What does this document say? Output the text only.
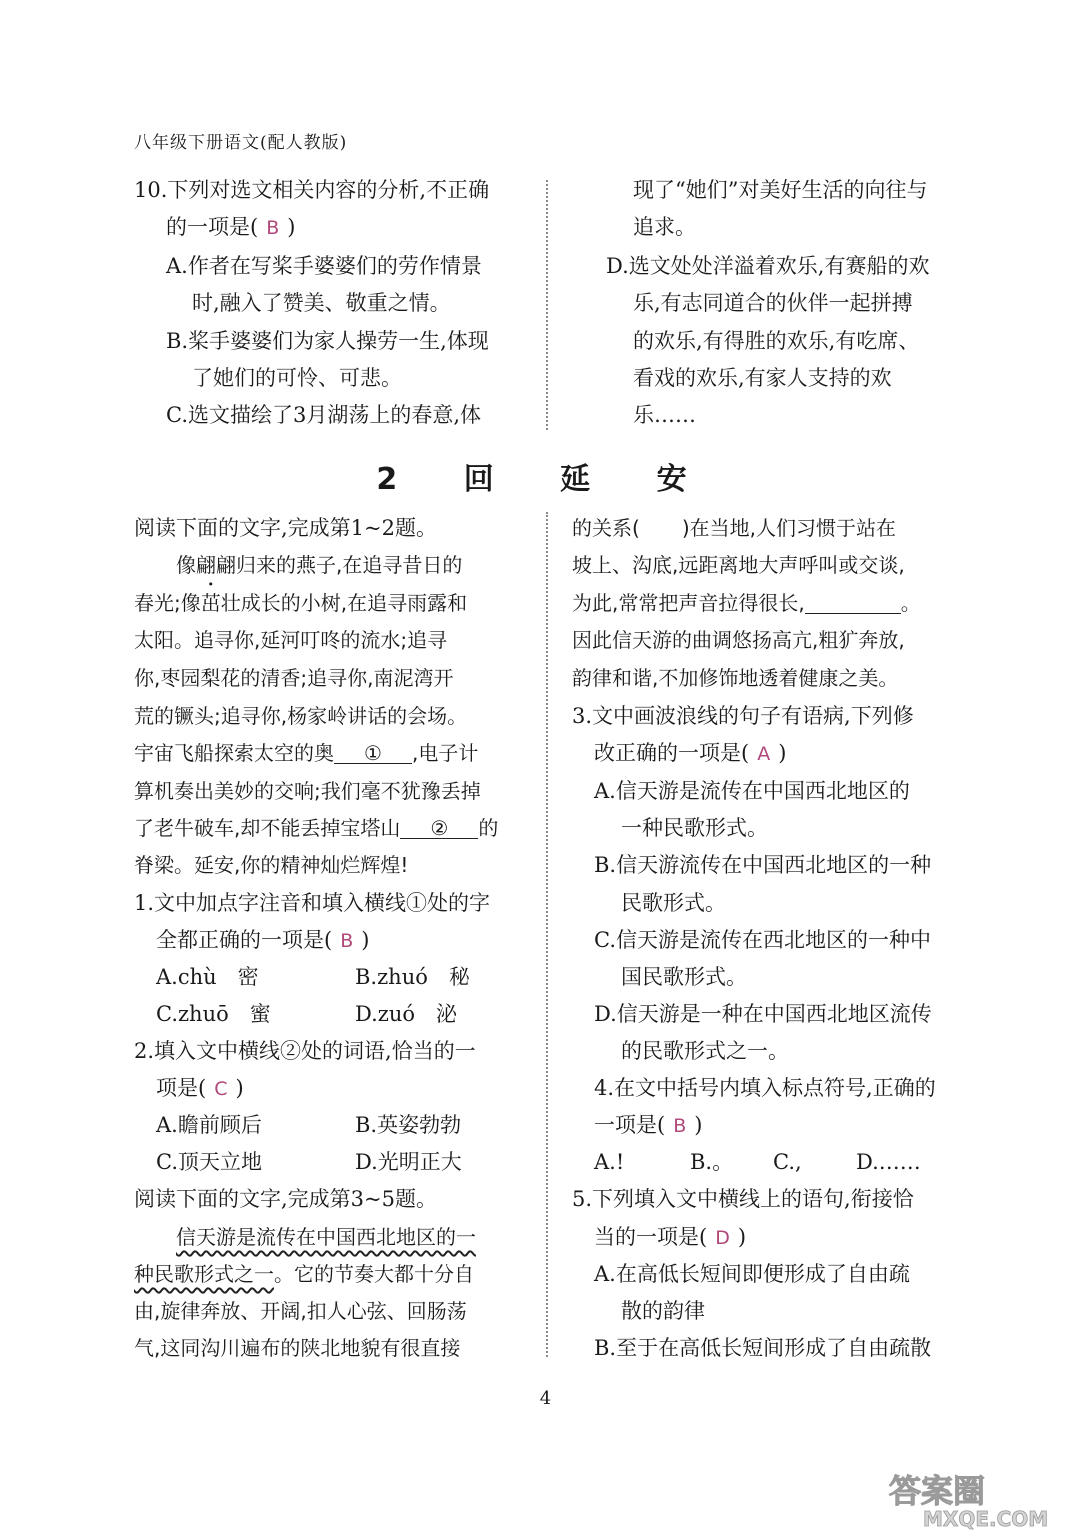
八年级下册语文(配人教版)
10.下列对选文相关内容的分析,不正确
的一项是( B )
A.作者在写桨手婆婆们的劳作情景
时,融入了赞美、敬重之情。
B.桨手婆婆们为家人操劳一生,体现
了她们的可怜、可悲。
C.选文描绘了3月湖荡上的春意,体
现了“她们”对美好生活的向往与
追求。
D.选文处处洋溢着欢乐,有赛船的欢
乐,有志同道合的伙伴一起拼搏
的欢乐,有得胜的欢乐,有吃席、
看戏的欢乐,有家人支持的欢
乐……
2 回 延 安
阅读下面的文字,完成第1~2题。
像翩翩归来的燕子,在追寻昔日的
春光;像茁壮成长的小树,在追寻雨露和
太阳。追寻你,延河叮咚的流水;追寻
你,枣园梨花的清香;追寻你,南泥湾开
荒的镢头;追寻你,杨家岭讲话的会场。
宇宙飞船探索太空的奥 ① ,电子计
算机奏出美妙的交响;我们毫不犹豫丢掉
了老牛破车,却不能丢掉宝塔山 ② 的
脊梁。延安,你的精神灿烂辉煌!
1.文中加点字注音和填入横线①处的字
全都正确的一项是( B )
A.chù　密	B.zhuó　秘
C.zhuō　蜜	D.zuó　泌
2.填入文中横线②处的词语,恰当的一
项是( C )
A.瞻前顾后	B.英姿勃勃
C.顶天立地	D.光明正大
阅读下面的文字,完成第3~5题。
信天游是流传在中国西北地区的一
种民歌形式之一。它的节奏大都十分自
由,旋律奔放、开阔,扣人心弦、回肠荡
气,这同沟川遍布的陕北地貌有很直接
的关系( )在当地,人们习惯于站在
坡上、沟底,远距离地大声呼叫或交谈,
为此,常常把声音拉得很长,	。
因此信天游的曲调悠扬高亢,粗犷奔放,
韵律和谐,不加修饰地透着健康之美。
3.文中画波浪线的句子有语病,下列修
改正确的一项是( A )
A.信天游是流传在中国西北地区的
一种民歌形式。
B.信天游流传在中国西北地区的一种
民歌形式。
C.信天游是流传在西北地区的一种中
国民歌形式。
D.信天游是一种在中国西北地区流传
的民歌形式之一。
4.在文中括号内填入标点符号,正确的
一项是( B )
A.!	B.。 C.,	D.……
5.下列填入文中横线上的语句,衔接恰
当的一项是( D )
A.在高低长短间即便形成了自由疏
散的韵律
B.至于在高低长短间形成了自由疏散
4
答案圈
MXQE.COM
